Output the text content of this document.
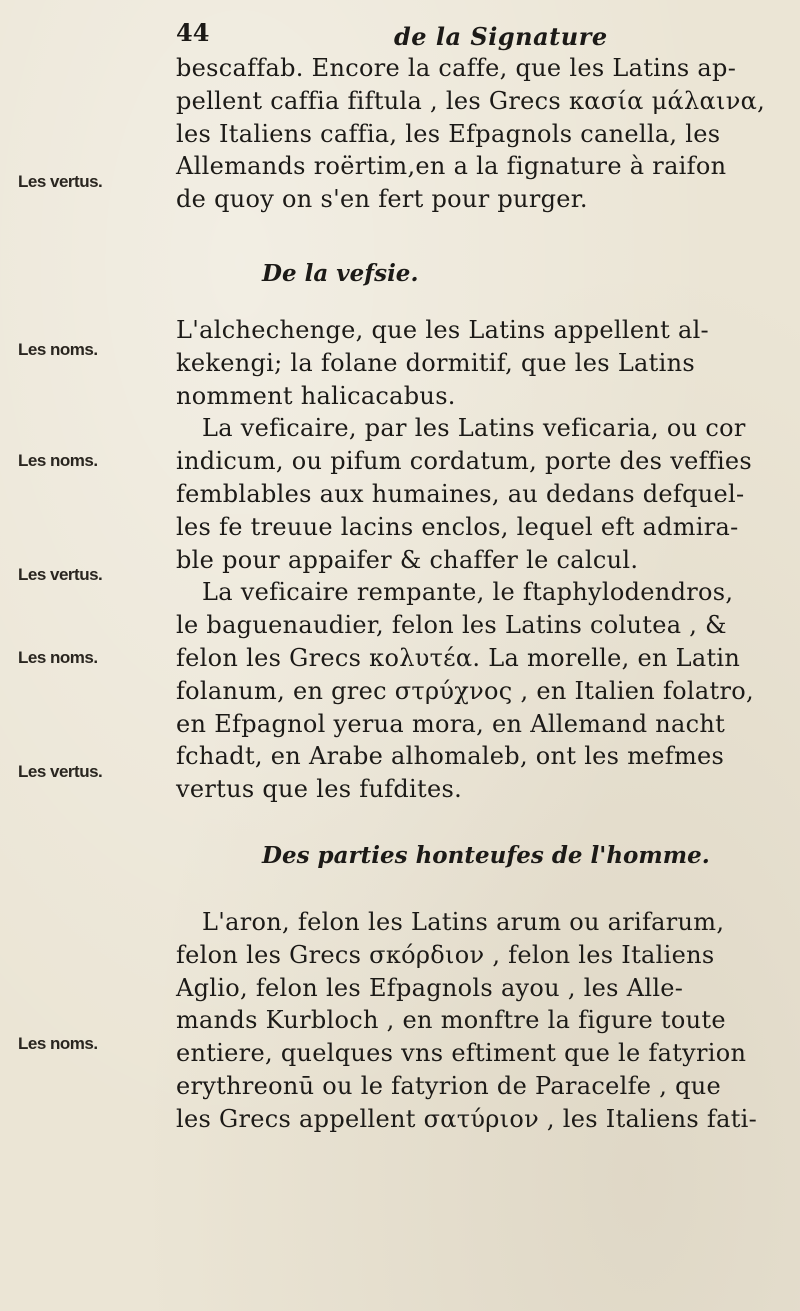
44	de la Signature
Les vertus.
Les noms.
Les noms.
Les vertus.
Les noms.
Les vertus.
Les noms.
bescaffab. Encore la caffe, que les Latins ap-
pellent caffia fiftula , les Grecs κασία μάλαινα,
les Italiens caffia, les Efpagnols canella, les
Allemands roërtim,en a la fignature à raifon
de quoy on s'en fert pour purger.
De la vefsie.
L'alchechenge, que les Latins appellent al-
kekengi; la folane dormitif, que les Latins
nomment halicacabus.
La veficaire, par les Latins veficaria, ou cor
indicum, ou pifum cordatum, porte des veffies
femblables aux humaines, au dedans defquel-
les fe treuue lacins enclos, lequel eft admira-
ble pour appaifer & chaffer le calcul.
La veficaire rempante, le ftaphylodendros,
le baguenaudier, felon les Latins colutea , &
felon les Grecs κολυτέα. La morelle, en Latin
folanum, en grec στρύχνος , en Italien folatro,
en Efpagnol yerua mora, en Allemand nacht
fchadt, en Arabe alhomaleb, ont les mefmes
vertus que les fufdites.
Des parties honteufes de l'homme.
L'aron, felon les Latins arum ou arifarum,
felon les Grecs σκόρδιον , felon les Italiens
Aglio, felon les Efpagnols ayou , les Alle-
mands Kurbloch , en monftre la figure toute
entiere, quelques vns eftiment que le fatyrion
erythreonū ou le fatyrion de Paracelfe , que
les Grecs appellent σατύριον , les Italiens fati-
